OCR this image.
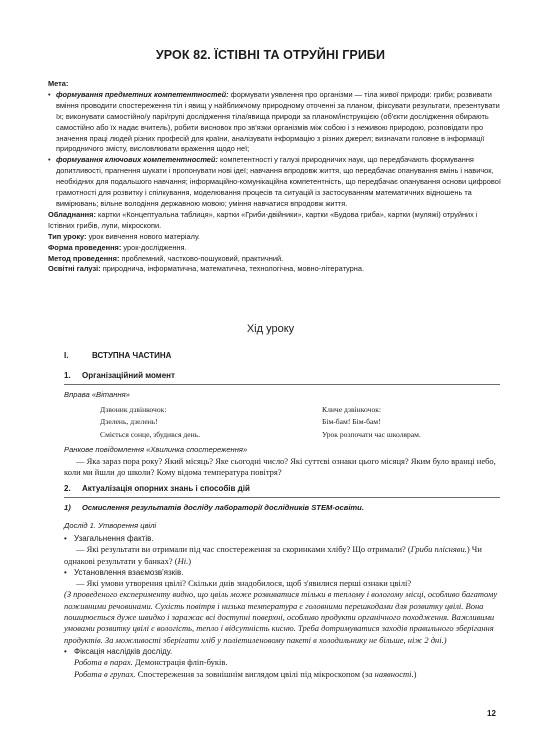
УРОК 82. ЇСТІВНІ ТА ОТРУЙНІ ГРИБИ

Мета:

• формування предметних компетентностей: формувати уявлення про організми — тіла живої природи: гриби; розвивати вміння проводити спостереження тіл і явищ у найближчому природному оточенні за планом, фіксувати результати, презентувати їх; виконувати самостійно/у парі/групі дослідження тіла/явища природи за планом/інструкцією (об'єкти дослідження обирають самостійно або їх надає вчитель), робити висновок про зв'язки організмів між собою і з неживою природою, розповідати про значення праці людей різних професій для країни, аналізувати інформацію з різних джерел; визначати головне в інформації природничого змісту, висловлювати враження щодо неї;

• формування ключових компетентностей: компетентності у галузі природничих наук, що передбачають формування допитливості, прагнення шукати і пропонувати нові ідеї; навчання впродовж життя, що передбачає опанування вмінь і навичок, необхідних для подальшого навчання; інформаційно-комунікаційна компетентність, що передбачає опанування основи цифрової грамотності для розвитку і спілкування, моделювання процесів та ситуацій із застосуванням математичних відношень та вимірювань; вільне володіння державною мовою; уміння навчатися впродовж життя.

Обладнання: картки «Концептуальна таблиця», картки «Гриби-двійники», картки «Будова гриба», картки (муляжі) отруйних і їстівних грибів, лупи, мікроскопи.

Тип уроку: урок вивчення нового матеріалу.

Форма проведення: урок-дослідження.

Метод проведення: проблемний, частково-пошуковий, практичний.

Освітні галузі: природнича, інформатична, математична, технологічна, мовно-літературна.

Хід уроку
I.	ВСТУПНА ЧАСТИНА
1. Організаційний момент
Вправа «Вітання»
Дзвоник дзвінкочок:
Дзелень, дзелень!
Сміється сонце, збудився день.
Кличе дзвінкочок:
Бім-бам! Бім-бам!
Урок розпочати час школярам.
Ранкове повідомлення «Хвилинка спостереження»

— Яка зараз пора року? Який місяць? Яке сьогодні число? Які суттєві ознаки цього місяця? Яким було вранці небо, коли ми йшли до школи? Кому відома температура повітря?

2. Актуалізація опорних знань і способів дій
1) Осмислення результатів досліду лабораторії дослідників STEM-освіти.
Дослід 1. Утворення цвілі

• Узагальнення фактів.

— Які результати ви отримали під час спостереження за скоринками хлібу? Що отримали? (Гриби плісняви.) Чи однакові результати у банках? (Ні.)

• Установлення взаємозв'язків.

— Які умови утворення цвілі? Скільки днів знадобилося, щоб з'явилися перші ознаки цвілі?

(З проведеного експерименту видно, що цвіль може розвиватися тільки в теплому і вологому місці, особливо багатому поживними речовинами. Сухість повітря і низька температура є головними перешкодами для розвитку цвілі. Вона поширюється дуже швидко і заражає всі доступні поверхні, особливо продукти органічного походження. Важливими умовами розвитку цвілі є вологість, тепло і відсутність кисню. Треба дотримуватися заходів правильного зберігання продуктів. За можливості зберігати хліб у поліетиленовому пакеті в холодильнику не більше, ніж 2 дні.)

• Фіксація наслідків досліду.

Робота в парах. Демонстрація фліп-буків.

Робота в групах. Спостереження за зовнішнім виглядом цвілі під мікроскопом (за наявності.)

12
